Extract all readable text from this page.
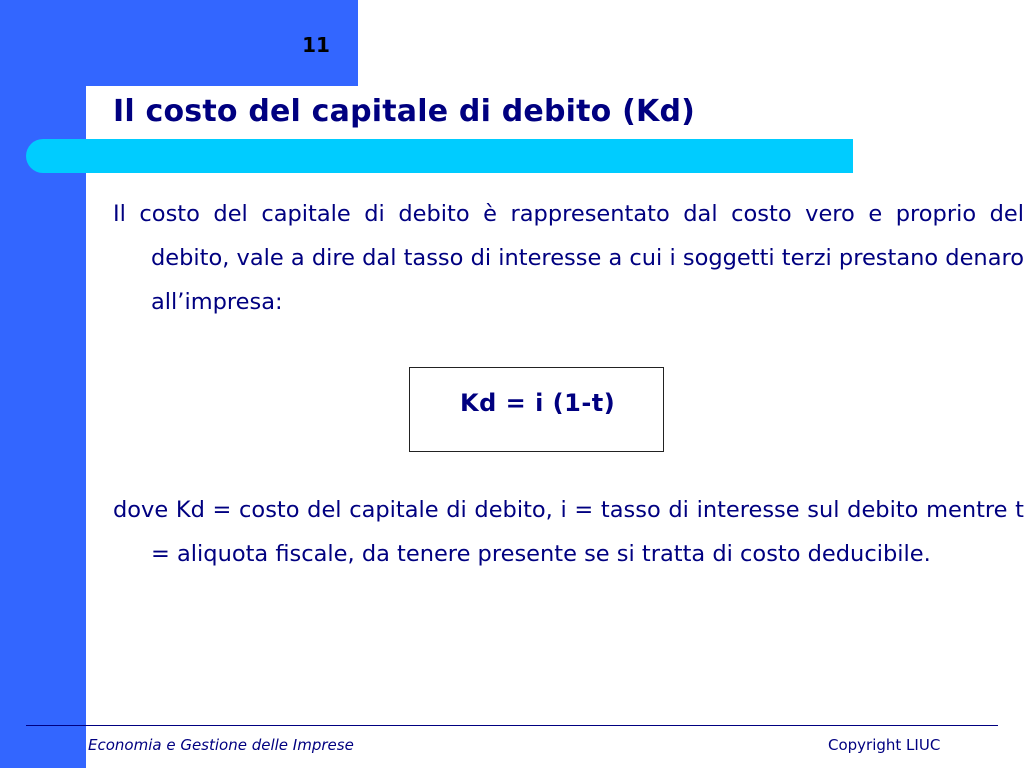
11
Il costo del capitale di debito (Kd)

Il costo del capitale di debito è rappresentato dal costo vero e proprio del debito, vale a dire dal tasso di interesse a cui i soggetti terzi prestano denaro all’impresa:

Kd = i (1-t)

dove Kd = costo del capitale di debito, i = tasso di interesse sul debito mentre t = aliquota fiscale, da tenere presente se si tratta di costo deducibile.

Economia e Gestione delle Imprese	Copyright LIUC
